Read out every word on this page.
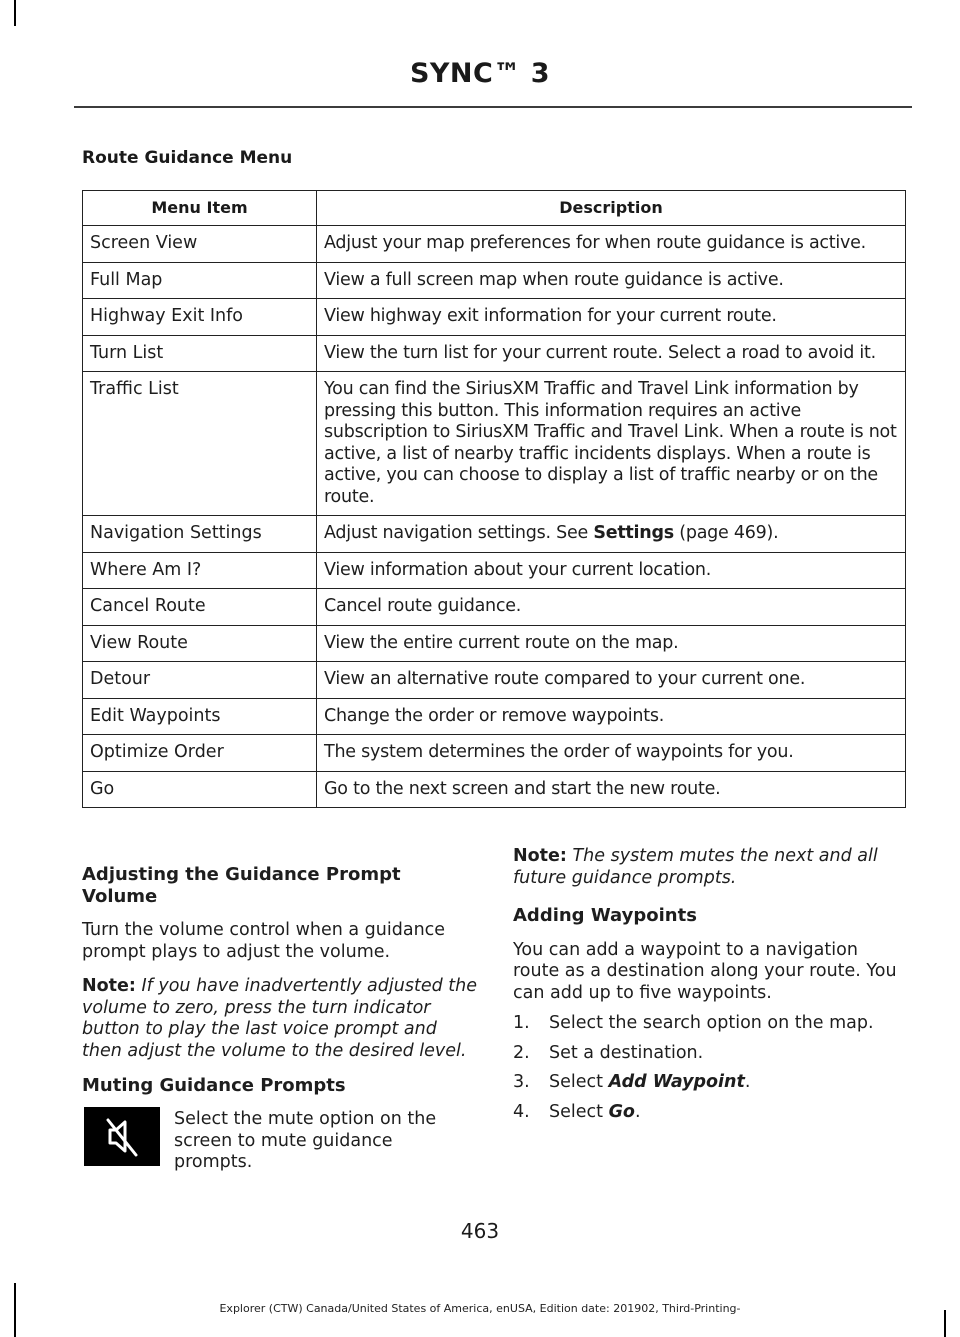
SYNC™ 3
Route Guidance Menu
Menu Item	Description
Screen View	Adjust your map preferences for when route guidance is active.
Full Map	View a full screen map when route guidance is active.
Highway Exit Info	View highway exit information for your current route.
Turn List	View the turn list for your current route. Select a road to avoid it.
Traffic List	You can find the SiriusXM Traffic and Travel Link information by pressing this button. This information requires an active subscription to SiriusXM Traffic and Travel Link. When a route is not active, a list of nearby traffic incidents displays. When a route is active, you can choose to display a list of traffic nearby or on the route.
Navigation Settings	Adjust navigation settings. See Settings (page 469).
Where Am I?	View information about your current location.
Cancel Route	Cancel route guidance.
View Route	View the entire current route on the map.
Detour	View an alternative route compared to your current one.
Edit Waypoints	Change the order or remove waypoints.
Optimize Order	The system determines the order of waypoints for you.
Go	Go to the next screen and start the new route.
Adjusting the Guidance Prompt Volume
Turn the volume control when a guidance prompt plays to adjust the volume.
Note: If you have inadvertently adjusted the volume to zero, press the turn indicator button to play the last voice prompt and then adjust the volume to the desired level.
Muting Guidance Prompts
Select the mute option on the screen to mute guidance prompts.
Note: The system mutes the next and all future guidance prompts.
Adding Waypoints
You can add a waypoint to a navigation route as a destination along your route. You can add up to five waypoints.
1. Select the search option on the map.
2. Set a destination.
3. Select Add Waypoint.
4. Select Go.
463
Explorer (CTW) Canada/United States of America, enUSA, Edition date: 201902, Third-Printing-
